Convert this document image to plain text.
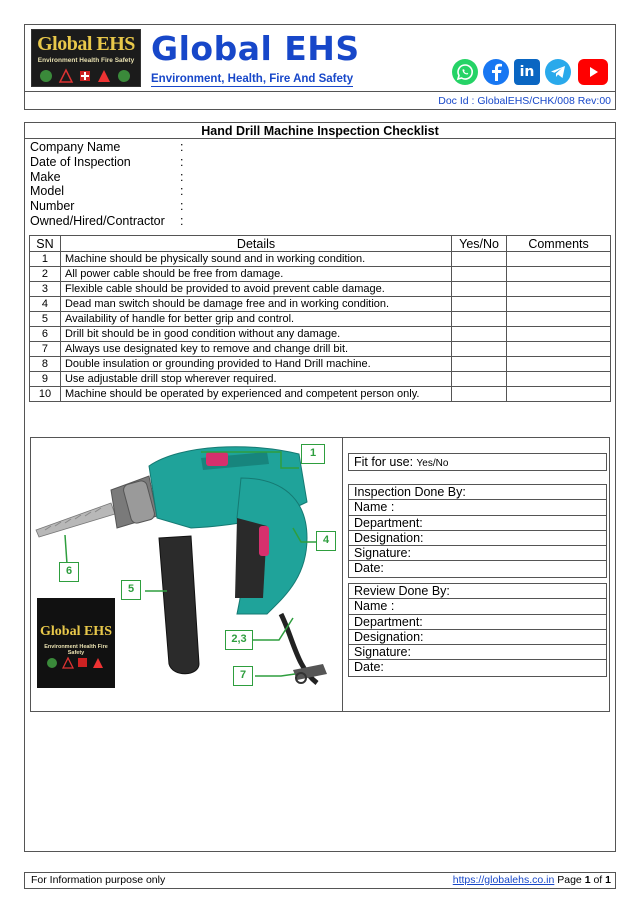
Global EHS
Environment Health Fire Safety Global EHS
Environment, Health, Fire And Safety	in
Doc Id : GlobalEHS/CHK/008 Rev:00
Hand Drill Machine Inspection Checklist
Company Name	:
Date of Inspection	:
Make	:
Model	:
Number	:
Owned/Hired/Contractor	:
SN	Details	Yes/No	Comments
1	Machine should be physically sound and in working condition.		
2	All power cable should be free from damage.		
3	Flexible cable should be provided to avoid prevent cable damage.		
4	Dead man switch should be damage free and in working condition.		
5	Availability of handle for better grip and control.		
6	Drill bit should be in good condition without any damage.		
7	Always use designated key to remove and change drill bit.		
8	Double insulation or grounding provided to Hand Drill machine.		
9	Use adjustable drill stop wherever required.		
10	Machine should be operated by experienced and competent person only.		
1
4
5
6
2,3
7
Global EHS
Environment Health Fire Safety
Fit for use: Yes/No
Inspection Done By:
Name :
Department:
Designation:
Signature:
Date:
Review Done By:
Name :
Department:
Designation:
Signature:
Date:
For Information purpose only	https://globalehs.co.in Page 1 of 1
